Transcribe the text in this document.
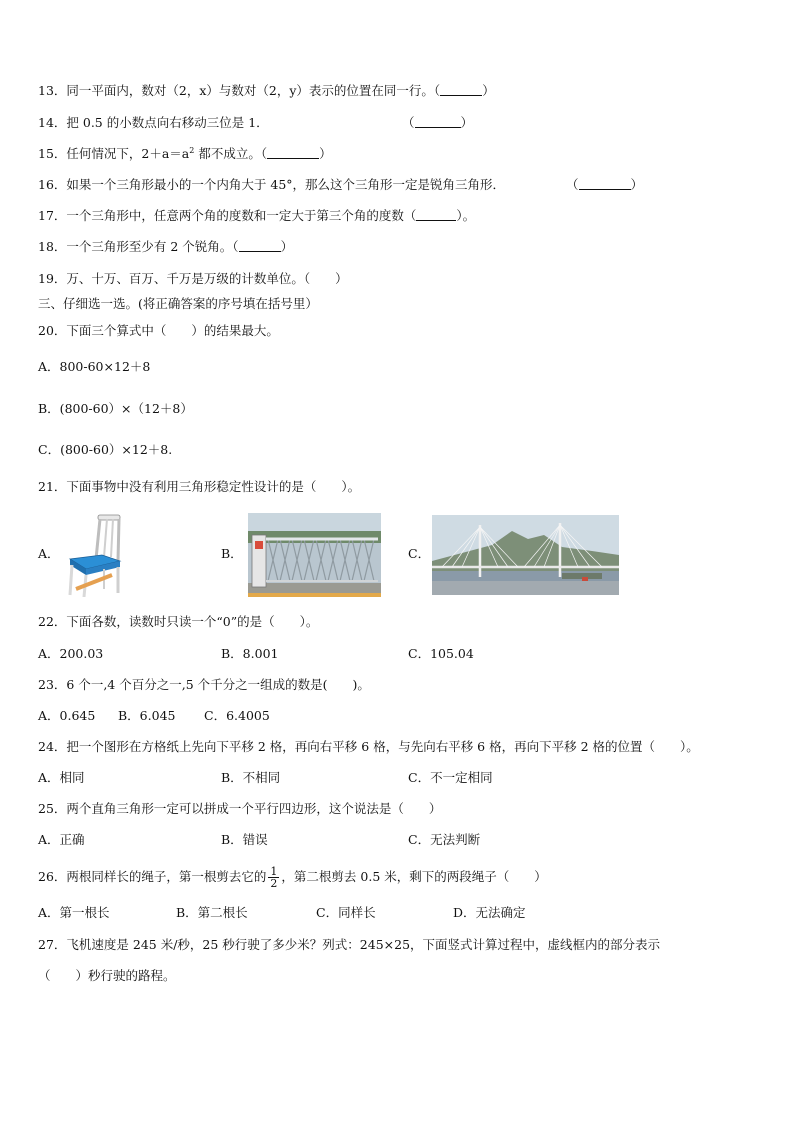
13．同一平面内，数对（2，x）与数对（2，y）表示的位置在同一行。（	）
14．把 0.5 的小数点向右移动三位是 1．	（	）
15．任何情况下，$2+a=a^2$ 都不成立。（	）
16．如果一个三角形最小的一个内角大于 45°，那么这个三角形一定是锐角三角形．	（	）
17．一个三角形中，任意两个角的度数和一定大于第三个角的度数（	）。
18．一个三角形至少有 2 个锐角。（	）
19．万、十万、百万、千万是万级的计数单位。（　　）
三、仔细选一选。(将正确答案的序号填在括号里）
20．下面三个算式中（　　）的结果最大。
A．800-60×12＋8
B．(800-60）×（12＋8）
C．(800-60）×12＋8.
21．下面事物中没有利用三角形稳定性设计的是（　　）。
A．	B．	C．
22．下面各数，读数时只读一个“0”的是（　　）。
A．200.03	B．8.001	C．105.04
23．6 个一,4 个百分之一,5 个千分之一组成的数是(　　)。
A．0.645 B．6.045 C．6.4005
24．把一个图形在方格纸上先向下平移 2 格，再向右平移 6 格，与先向右平移 6 格，再向下平移 2 格的位置（　　）。
A．相同	B．不相同	C．不一定相同
25．两个直角三角形一定可以拼成一个平行四边形，这个说法是（　　）
A．正确	B．错误	C．无法判断
26．两根同样长的绳子，第一根剪去它的 $\frac{1}{2}$ ，第二根剪去 0.5 米，剩下的两段绳子（　　）
A．第一根长	B．第二根长	C．同样长	D．无法确定
27．飞机速度是 245 米/秒，25 秒行驶了多少米？列式：245×25，下面竖式计算过程中，虚线框内的部分表示
（　　）秒行驶的路程。
